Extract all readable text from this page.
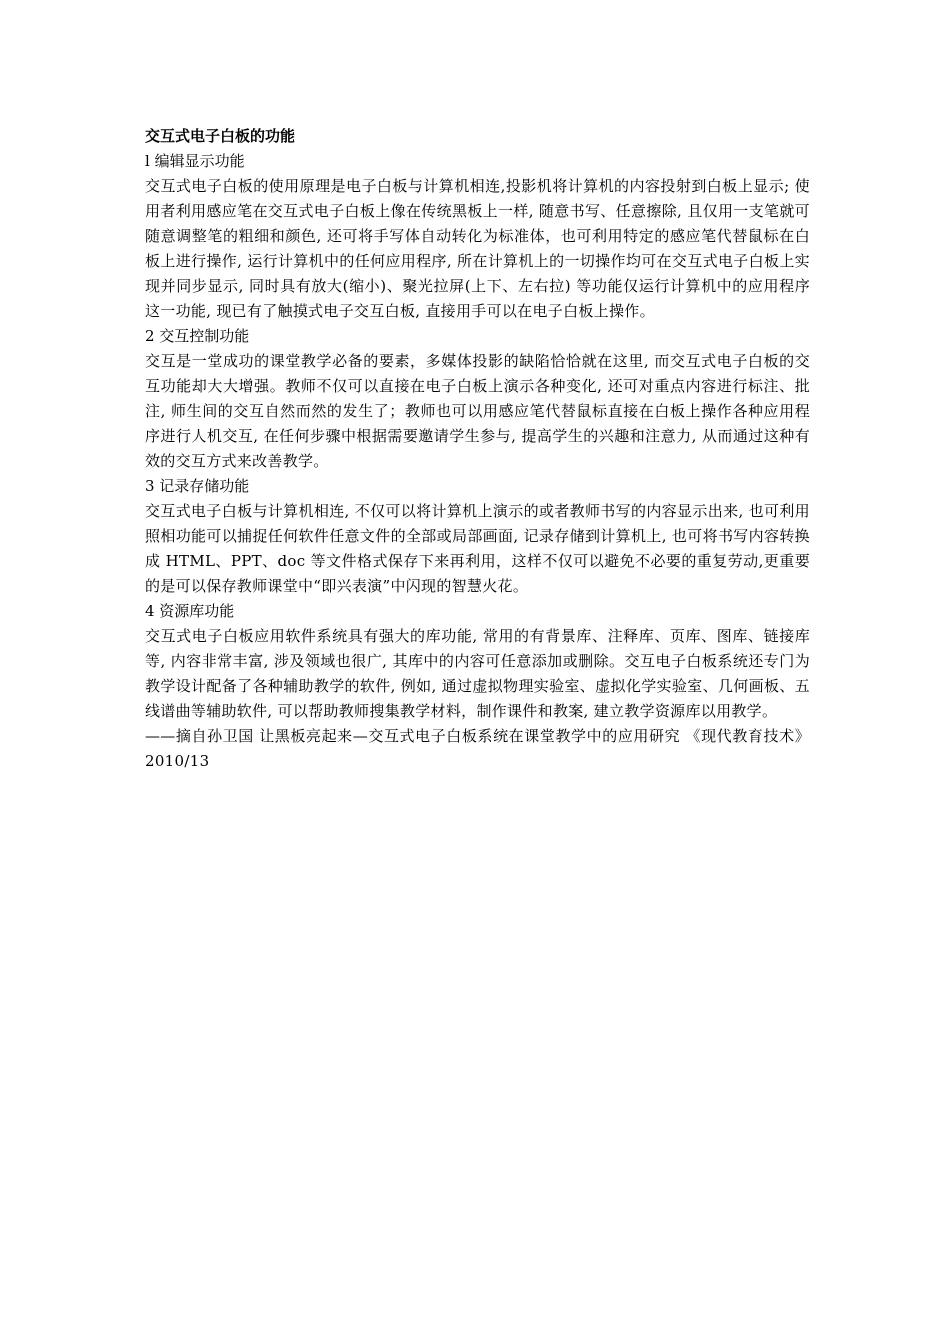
交互式电子白板的功能

l 编辑显示功能

交互式电子白板的使用原理是电子白板与计算机相连,投影机将计算机的内容投射到白板上显示; 使用者利用感应笔在交互式电子白板上像在传统黑板上一样, 随意书写、任意擦除, 且仅用一支笔就可随意调整笔的粗细和颜色, 还可将手写体自动转化为标准体，也可利用特定的感应笔代替鼠标在白板上进行操作, 运行计算机中的任何应用程序, 所在计算机上的一切操作均可在交互式电子白板上实现并同步显示, 同时具有放大(缩小)、聚光拉屏(上下、左右拉) 等功能仅运行计算机中的应用程序这一功能, 现已有了触摸式电子交互白板, 直接用手可以在电子白板上操作。

2 交互控制功能

交互是一堂成功的课堂教学必备的要素，多媒体投影的缺陷恰恰就在这里, 而交互式电子白板的交互功能却大大增强。教师不仅可以直接在电子白板上演示各种变化, 还可对重点内容进行标注、批注, 师生间的交互自然而然的发生了；教师也可以用感应笔代替鼠标直接在白板上操作各种应用程序进行人机交互, 在任何步骤中根据需要邀请学生参与, 提高学生的兴趣和注意力, 从而通过这种有效的交互方式来改善教学。

3 记录存储功能

交互式电子白板与计算机相连, 不仅可以将计算机上演示的或者教师书写的内容显示出来, 也可利用照相功能可以捕捉任何软件任意文件的全部或局部画面, 记录存储到计算机上, 也可将书写内容转换成 HTML、PPT、doc 等文件格式保存下来再利用，这样不仅可以避免不必要的重复劳动,更重要的是可以保存教师课堂中“即兴表演”中闪现的智慧火花。

4 资源库功能

交互式电子白板应用软件系统具有强大的库功能, 常用的有背景库、注释库、页库、图库、链接库等, 内容非常丰富, 涉及领域也很广, 其库中的内容可任意添加或删除。交互电子白板系统还专门为教学设计配备了各种辅助教学的软件, 例如, 通过虚拟物理实验室、虚拟化学实验室、几何画板、五线谱曲等辅助软件, 可以帮助教师搜集教学材料，制作课件和教案, 建立教学资源库以用教学。

——摘自孙卫国 让黑板亮起来—交互式电子白板系统在课堂教学中的应用研究 《现代教育技术》 2010/13
